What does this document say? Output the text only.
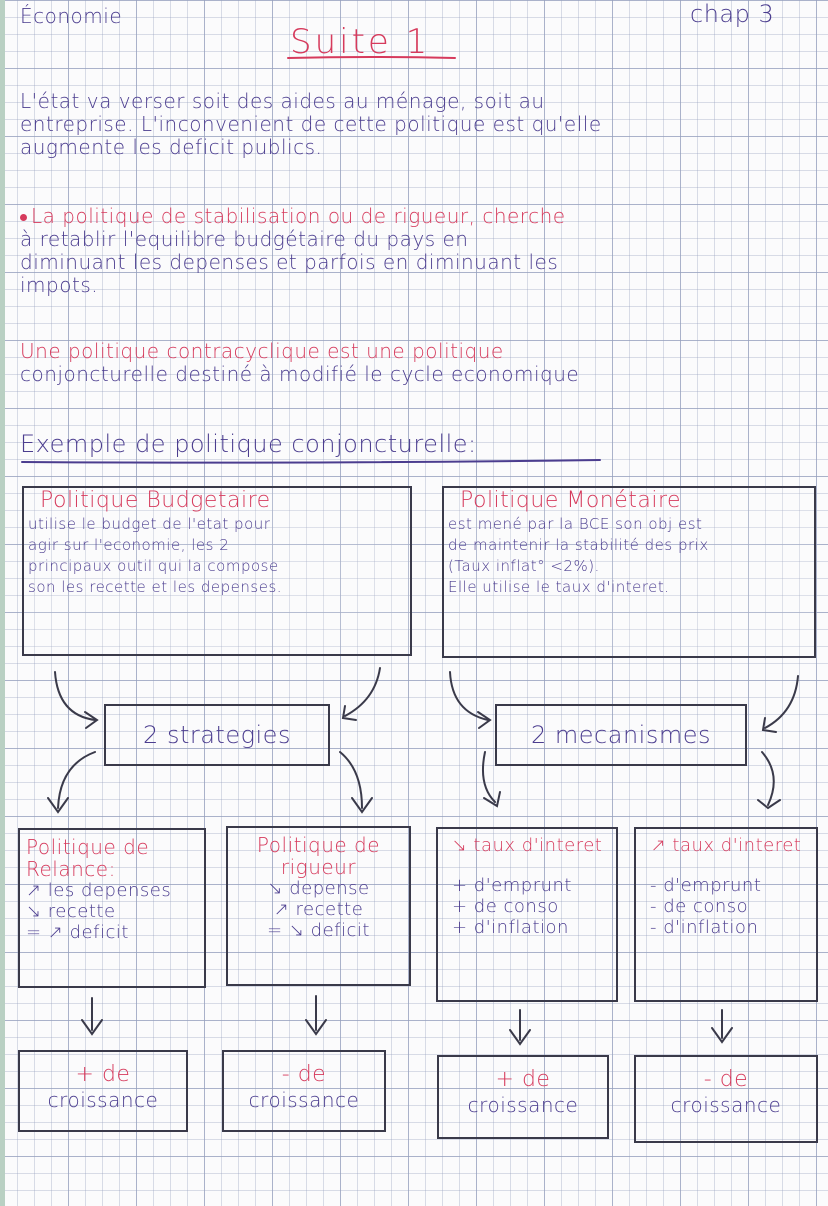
Économie	chap 3
Suite 1
L'état va verser soit des aides au ménage, soit au
entreprise. L'inconvenient de cette politique est qu'elle
augmente les deficit publics.
La politique de stabilisation ou de rigueur, cherche
à retablir l'equilibre budgétaire du pays en
diminuant les depenses et parfois en diminuant les
impots.
Une politique contracyclique est une politique
conjoncturelle destiné à modifié le cycle economique
Exemple de politique conjoncturelle:
Politique Budgetaire
utilise le budget de l'etat pour
agir sur l'economie, les 2
principaux outil qui la compose
son les recette et les depenses.
Politique Monétaire
est mené par la BCE son obj est
de maintenir la stabilité des prix
(Taux inflat° <2%).
Elle utilise le taux d'interet.
2 strategies	2 mecanismes
Politique de
Relance:
↗ les depenses
↘ recette
= ↗ deficit
Politique de
rigueur
↘ depense
↗ recette
= ↘ deficit
↘ taux d'interet
+ d'emprunt
+ de conso
+ d'inflation
↗ taux d'interet
- d'emprunt
- de conso
- d'inflation
+ de
croissance
- de
croissance
+ de
croissance
- de
croissance
